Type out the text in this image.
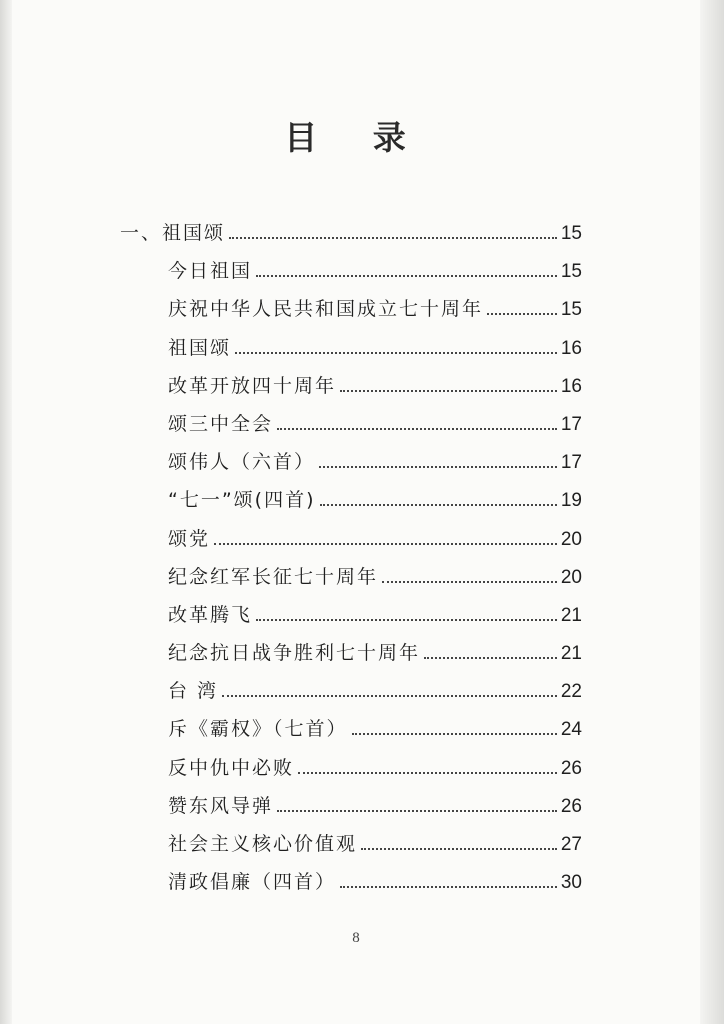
目 录
一、祖国颂	15
今日祖国	15
庆祝中华人民共和国成立七十周年	15
祖国颂	16
改革开放四十周年	16
颂三中全会	17
颂伟人（六首）	17
“七一”颂(四首)	19
颂党	20
纪念红军长征七十周年	20
改革腾飞	21
纪念抗日战争胜利七十周年	21
台 湾	22
斥《霸权》（七首）	24
反中仇中必败	26
赞东风导弹	26
社会主义核心价值观	27
清政倡廉（四首）	30
8
